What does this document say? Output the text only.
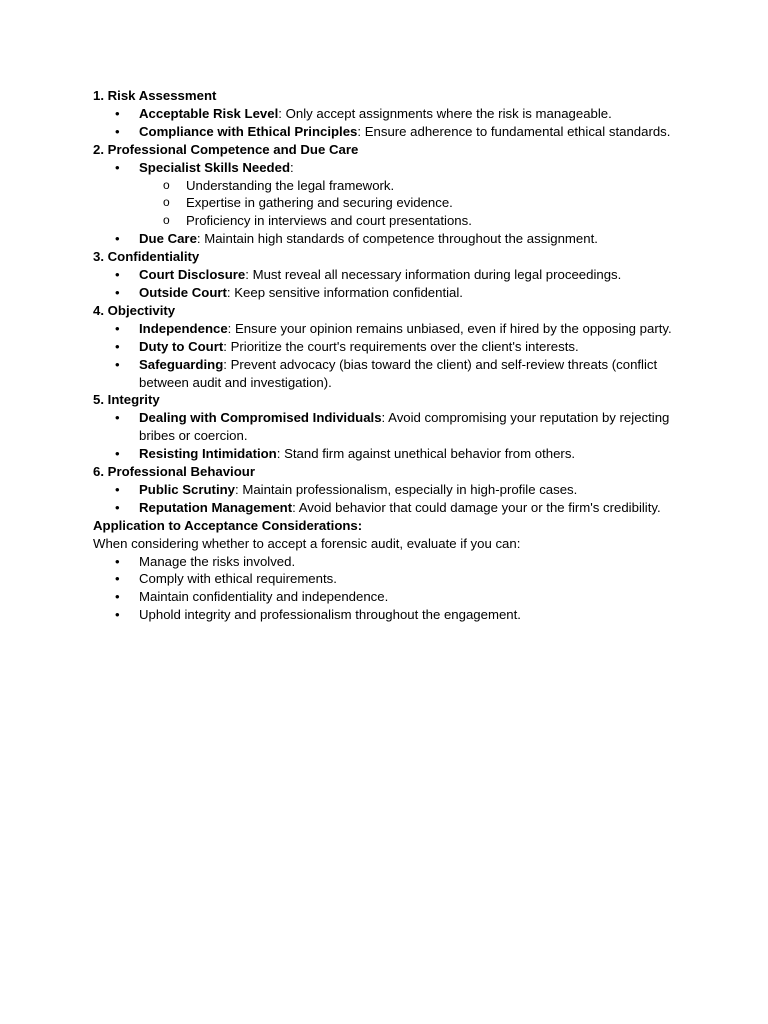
1. Risk Assessment
• Acceptable Risk Level: Only accept assignments where the risk is manageable.
• Compliance with Ethical Principles: Ensure adherence to fundamental ethical standards.
2. Professional Competence and Due Care
• Specialist Skills Needed:
o Understanding the legal framework.
o Expertise in gathering and securing evidence.
o Proficiency in interviews and court presentations.
• Due Care: Maintain high standards of competence throughout the assignment.
3. Confidentiality
• Court Disclosure: Must reveal all necessary information during legal proceedings.
• Outside Court: Keep sensitive information confidential.
4. Objectivity
• Independence: Ensure your opinion remains unbiased, even if hired by the opposing party.
• Duty to Court: Prioritize the court's requirements over the client's interests.
• Safeguarding: Prevent advocacy (bias toward the client) and self-review threats (conflict between audit and investigation).
5. Integrity
• Dealing with Compromised Individuals: Avoid compromising your reputation by rejecting bribes or coercion.
• Resisting Intimidation: Stand firm against unethical behavior from others.
6. Professional Behaviour
• Public Scrutiny: Maintain professionalism, especially in high-profile cases.
• Reputation Management: Avoid behavior that could damage your or the firm's credibility.
Application to Acceptance Considerations:
When considering whether to accept a forensic audit, evaluate if you can:
• Manage the risks involved.
• Comply with ethical requirements.
• Maintain confidentiality and independence.
• Uphold integrity and professionalism throughout the engagement.
